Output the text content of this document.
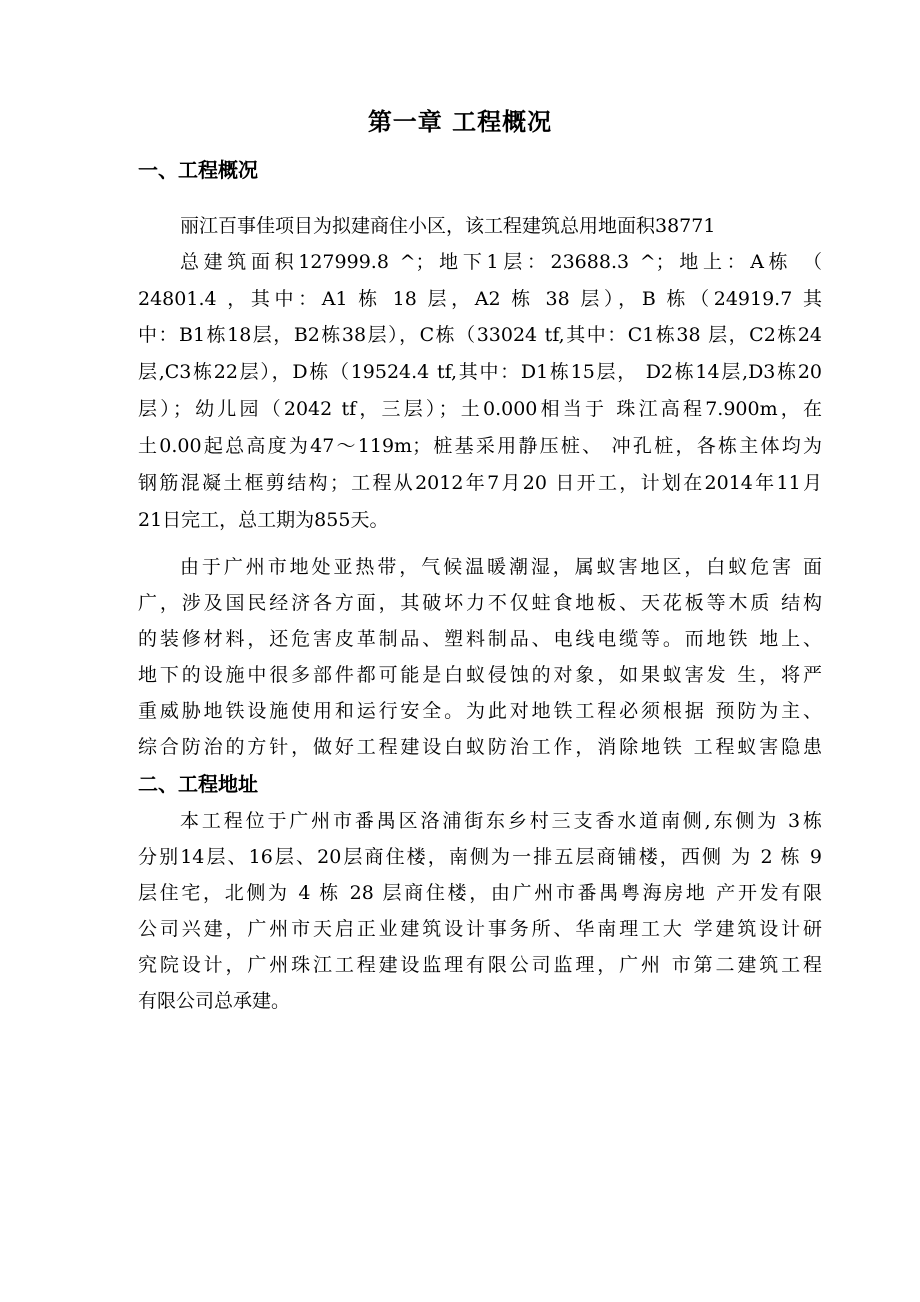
第一章 工程概况
一、工程概况
丽江百事佳项目为拟建商住小区，该工程建筑总用地面积38771
总建筑面积127999.8 ^；地下1层：23688.3 ^；地上：A栋 （
24801.4 ，其中：A1 栋 18 层，A2 栋 38 层），B 栋（24919.7 其
中：B1栋18层，B2栋38层），C栋（33024 tf,其中：C1栋38 层，C2栋24
层,C3栋22层），D栋（19524.4 tf,其中：D1栋15层， D2栋14层,D3栋20
层）；幼儿园（2042 tf，三层）；土0.000相当于 珠江高程7.900m，在
土0.00起总高度为47～119m；桩基采用静压桩、 冲孔桩，各栋主体均为
钢筋混凝土框剪结构；工程从2012年7月20 日开工，计划在2014年11月
21日完工，总工期为855天。
由于广州市地处亚热带，气候温暖潮湿，属蚁害地区，白蚁危害 面
广，涉及国民经济各方面，其破坏力不仅蛀食地板、天花板等木质 结构
的装修材料，还危害皮革制品、塑料制品、电线电缆等。而地铁 地上、
地下的设施中很多部件都可能是白蚁侵蚀的对象，如果蚁害发 生，将严
重威胁地铁设施使用和运行安全。为此对地铁工程必须根据 预防为主、
综合防治的方针，做好工程建设白蚁防治工作，消除地铁 工程蚁害隐患
二、工程地址
本工程位于广州市番禺区洛浦街东乡村三支香水道南侧,东侧为 3栋
分别14层、16层、20层商住楼，南侧为一排五层商铺楼，西侧 为 2 栋 9
层住宅，北侧为 4 栋 28 层商住楼，由广州市番禺粤海房地 产开发有限
公司兴建，广州市天启正业建筑设计事务所、华南理工大 学建筑设计研
究院设计，广州珠江工程建设监理有限公司监理，广州 市第二建筑工程
有限公司总承建。
